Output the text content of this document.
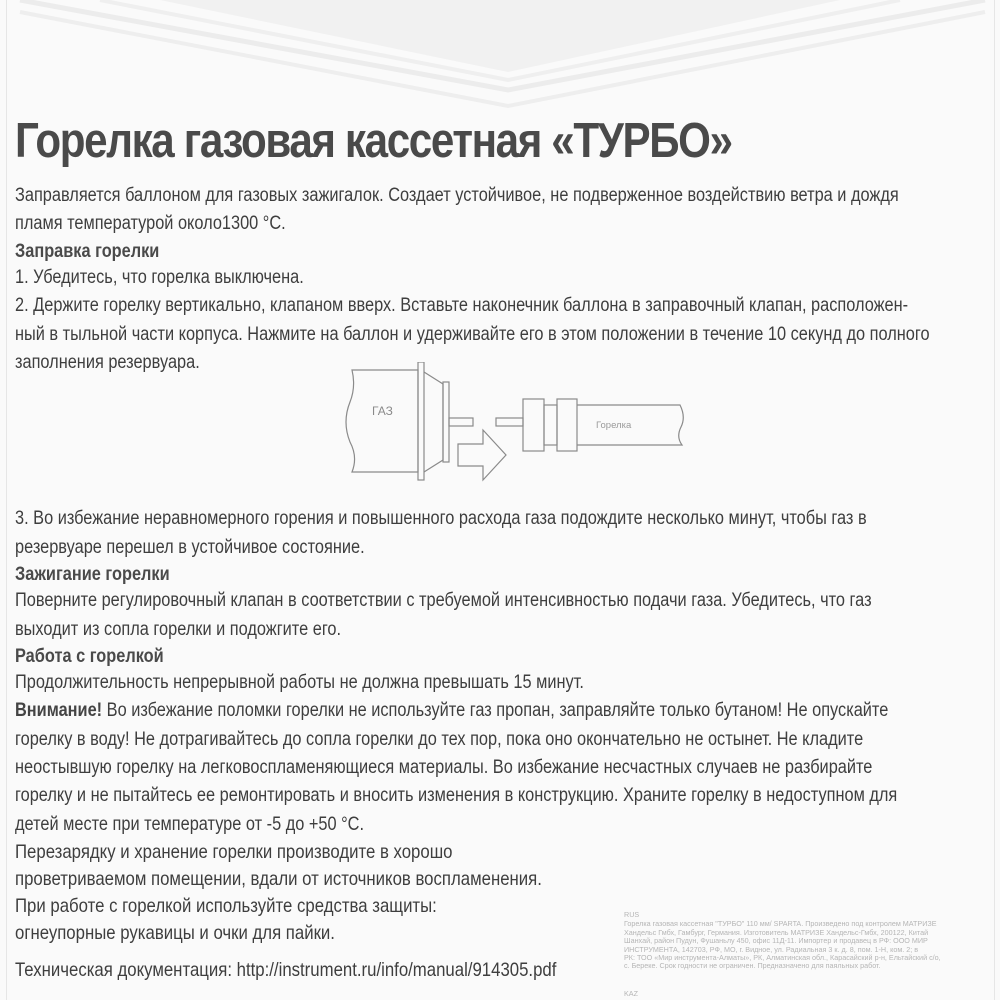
Горелка газовая кассетная «ТУРБО»
Заправляется баллоном для газовых зажигалок. Создает устойчивое, не подверженное воздействию ветра и дождя
пламя температурой около1300 °С.
Заправка горелки
1. Убедитесь, что горелка выключена.
2. Держите горелку вертикально, клапаном вверх. Вставьте наконечник баллона в заправочный клапан, расположен-
ный в тыльной части корпуса. Нажмите на баллон и удерживайте его в этом положении в течение 10 секунд до полного
заполнения резервуара.
3. Во избежание неравномерного горения и повышенного расхода газа подождите несколько минут, чтобы газ в
резервуаре перешел в устойчивое состояние.
Зажигание горелки
Поверните регулировочный клапан в соответствии с требуемой интенсивностью подачи газа. Убедитесь, что газ
выходит из сопла горелки и подожгите его.
Работа с горелкой
Продолжительность непрерывной работы не должна превышать 15 минут.
Внимание! Во избежание поломки горелки не используйте газ пропан, заправляйте только бутаном! Не опускайте
горелку в воду! Не дотрагивайтесь до сопла горелки до тех пор, пока оно окончательно не остынет. Не кладите
неостывшую горелку на легковоспламеняющиеся материалы. Во избежание несчастных случаев не разбирайте
горелку и не пытайтесь ее ремонтировать и вносить изменения в конструкцию. Храните горелку в недоступном для
детей месте при температуре от -5 до +50 °С.
Перезарядку и хранение горелки производите в хорошо
проветриваемом помещении, вдали от источников воспламенения.
При работе с горелкой используйте средства защиты:
огнеупорные рукавицы и очки для пайки.
Техническая документация: http://instrument.ru/info/manual/914305.pdf
ГАЗ
Горелка
RUS
Горелка газовая кассетная "ТУРБО" 110 мм/ SPARTA. Произведено под контролем МАТРИЗЕ
Хандельс Гмбх, Гамбург, Германия. Изготовитель МАТРИЗЕ Хандельс-Гмбх, 200122, Китай
Шанхай, район Пудун, Фушаньлу 450, офис 11Д-11. Импортер и продавец в РФ: ООО МИР
ИНСТРУМЕНТА, 142703, РФ, МО, г. Видное, ул. Радиальная 3 к. д. 8, пом. 1-Н, ком. 2; в
РК: ТОО «Мир инструмента-Алматы», РК, Алматинская обл., Карасайский р-н, Ельтайский с/о,
с. Береке. Срок годности не ограничен. Предназначено для паяльных работ.
KAZ
